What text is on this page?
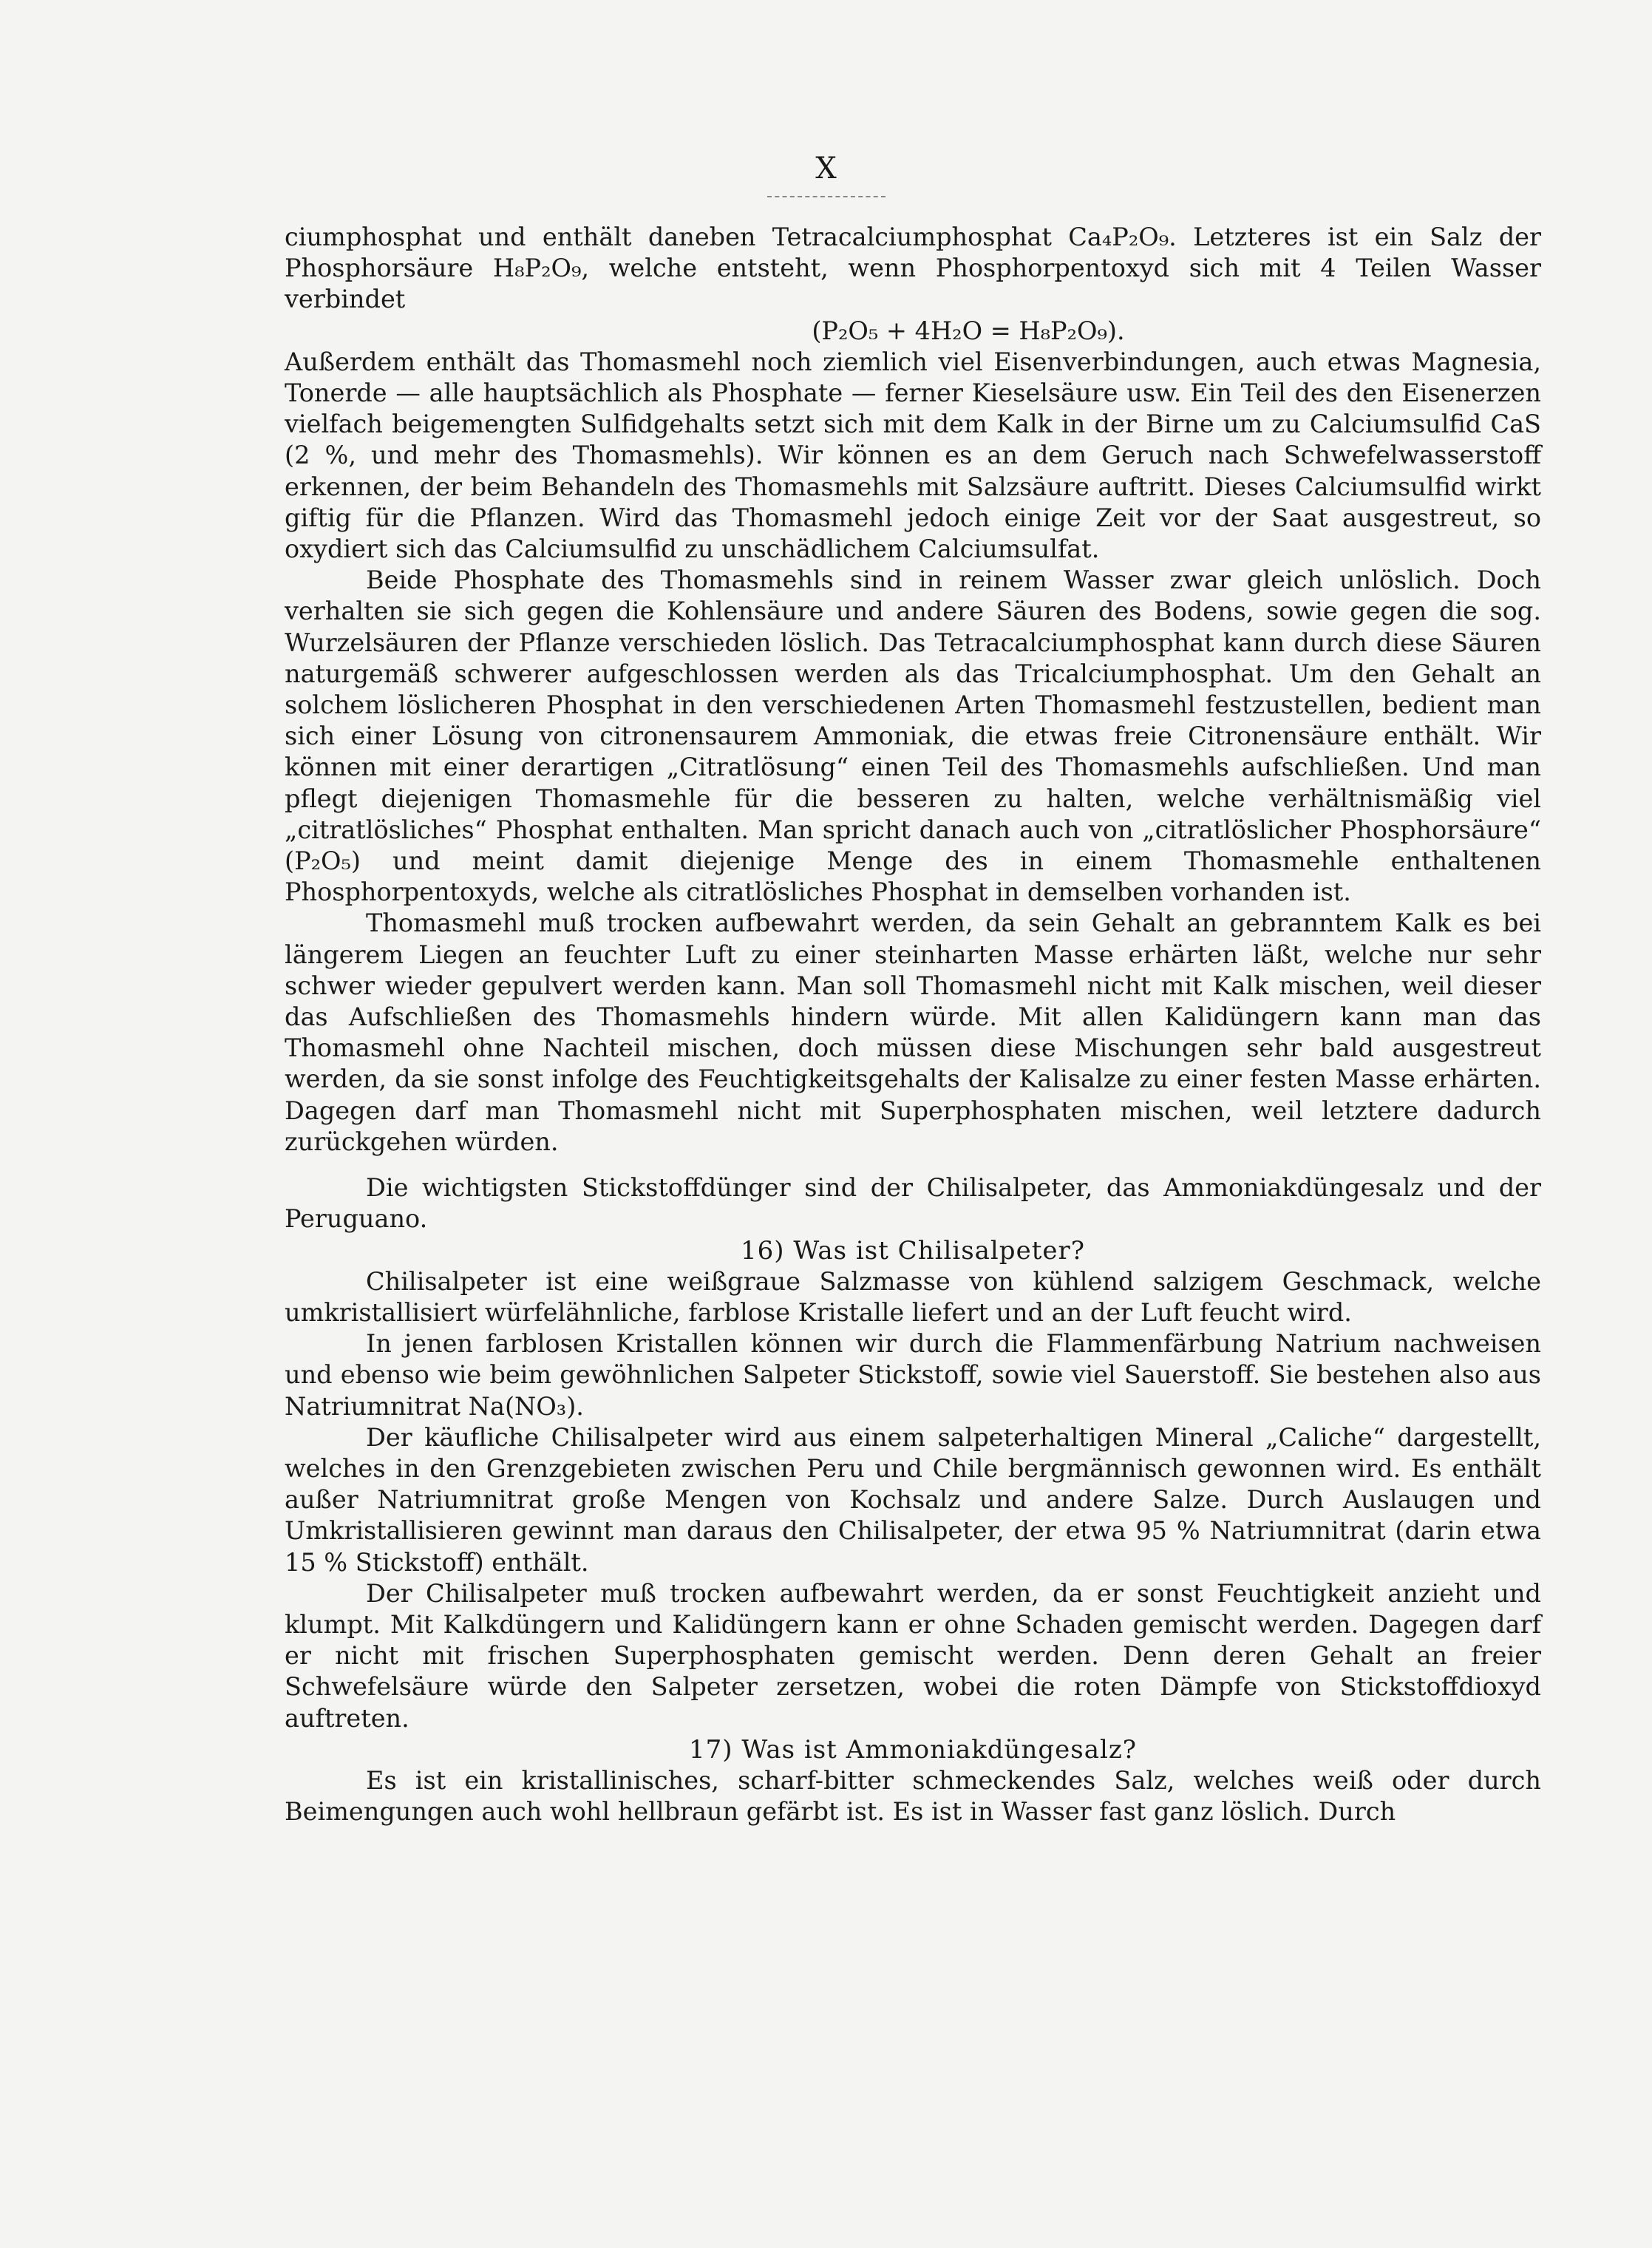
X

ciumphosphat und enthält daneben Tetracalciumphosphat Ca₄P₂O₉. Letzteres ist ein Salz der Phosphorsäure H₈P₂O₉, welche entsteht, wenn Phosphorpentoxyd sich mit 4 Teilen Wasser verbindet

(P₂O₅ + 4H₂O = H₈P₂O₉).

Außerdem enthält das Thomasmehl noch ziemlich viel Eisenverbindungen, auch etwas Magnesia, Tonerde — alle hauptsächlich als Phosphate — ferner Kieselsäure usw. Ein Teil des den Eisenerzen vielfach beigemengten Sulfidgehalts setzt sich mit dem Kalk in der Birne um zu Calciumsulfid CaS (2 %, und mehr des Thomasmehls). Wir können es an dem Geruch nach Schwefelwasserstoff erkennen, der beim Behandeln des Thomasmehls mit Salzsäure auftritt. Dieses Calciumsulfid wirkt giftig für die Pflanzen. Wird das Thomasmehl jedoch einige Zeit vor der Saat ausgestreut, so oxydiert sich das Calciumsulfid zu unschädlichem Calciumsulfat.

Beide Phosphate des Thomasmehls sind in reinem Wasser zwar gleich unlöslich. Doch verhalten sie sich gegen die Kohlensäure und andere Säuren des Bodens, sowie gegen die sog. Wurzelsäuren der Pflanze verschieden löslich. Das Tetracalciumphosphat kann durch diese Säuren naturgemäß schwerer aufgeschlossen werden als das Tricalciumphosphat. Um den Gehalt an solchem löslicheren Phosphat in den verschiedenen Arten Thomasmehl festzustellen, bedient man sich einer Lösung von citronensaurem Ammoniak, die etwas freie Citronensäure enthält. Wir können mit einer derartigen „Citratlösung“ einen Teil des Thomasmehls aufschließen. Und man pflegt diejenigen Thomasmehle für die besseren zu halten, welche verhältnismäßig viel „citratlösliches“ Phosphat enthalten. Man spricht danach auch von „citratlöslicher Phosphorsäure“ (P₂O₅) und meint damit diejenige Menge des in einem Thomasmehle enthaltenen Phosphorpentoxyds, welche als citratlösliches Phosphat in demselben vorhanden ist.

Thomasmehl muß trocken aufbewahrt werden, da sein Gehalt an gebranntem Kalk es bei längerem Liegen an feuchter Luft zu einer steinharten Masse erhärten läßt, welche nur sehr schwer wieder gepulvert werden kann. Man soll Thomasmehl nicht mit Kalk mischen, weil dieser das Aufschließen des Thomasmehls hindern würde. Mit allen Kalidüngern kann man das Thomasmehl ohne Nachteil mischen, doch müssen diese Mischungen sehr bald ausgestreut werden, da sie sonst infolge des Feuchtigkeitsgehalts der Kalisalze zu einer festen Masse erhärten. Dagegen darf man Thomasmehl nicht mit Superphosphaten mischen, weil letztere dadurch zurückgehen würden.

Die wichtigsten Stickstoffdünger sind der Chilisalpeter, das Ammoniakdüngesalz und der Peruguano.

16) Was ist Chilisalpeter?

Chilisalpeter ist eine weißgraue Salzmasse von kühlend salzigem Geschmack, welche umkristallisiert würfelähnliche, farblose Kristalle liefert und an der Luft feucht wird.

In jenen farblosen Kristallen können wir durch die Flammenfärbung Natrium nachweisen und ebenso wie beim gewöhnlichen Salpeter Stickstoff, sowie viel Sauerstoff. Sie bestehen also aus Natriumnitrat Na(NO₃).

Der käufliche Chilisalpeter wird aus einem salpeterhaltigen Mineral „Caliche“ dargestellt, welches in den Grenzgebieten zwischen Peru und Chile bergmännisch gewonnen wird. Es enthält außer Natriumnitrat große Mengen von Kochsalz und andere Salze. Durch Auslaugen und Umkristallisieren gewinnt man daraus den Chilisalpeter, der etwa 95 % Natriumnitrat (darin etwa 15 % Stickstoff) enthält.

Der Chilisalpeter muß trocken aufbewahrt werden, da er sonst Feuchtigkeit anzieht und klumpt. Mit Kalkdüngern und Kalidüngern kann er ohne Schaden gemischt werden. Dagegen darf er nicht mit frischen Superphosphaten gemischt werden. Denn deren Gehalt an freier Schwefelsäure würde den Salpeter zersetzen, wobei die roten Dämpfe von Stickstoffdioxyd auftreten.

17) Was ist Ammoniakdüngesalz?

Es ist ein kristallinisches, scharf-bitter schmeckendes Salz, welches weiß oder durch Beimengungen auch wohl hellbraun gefärbt ist. Es ist in Wasser fast ganz löslich. Durch
